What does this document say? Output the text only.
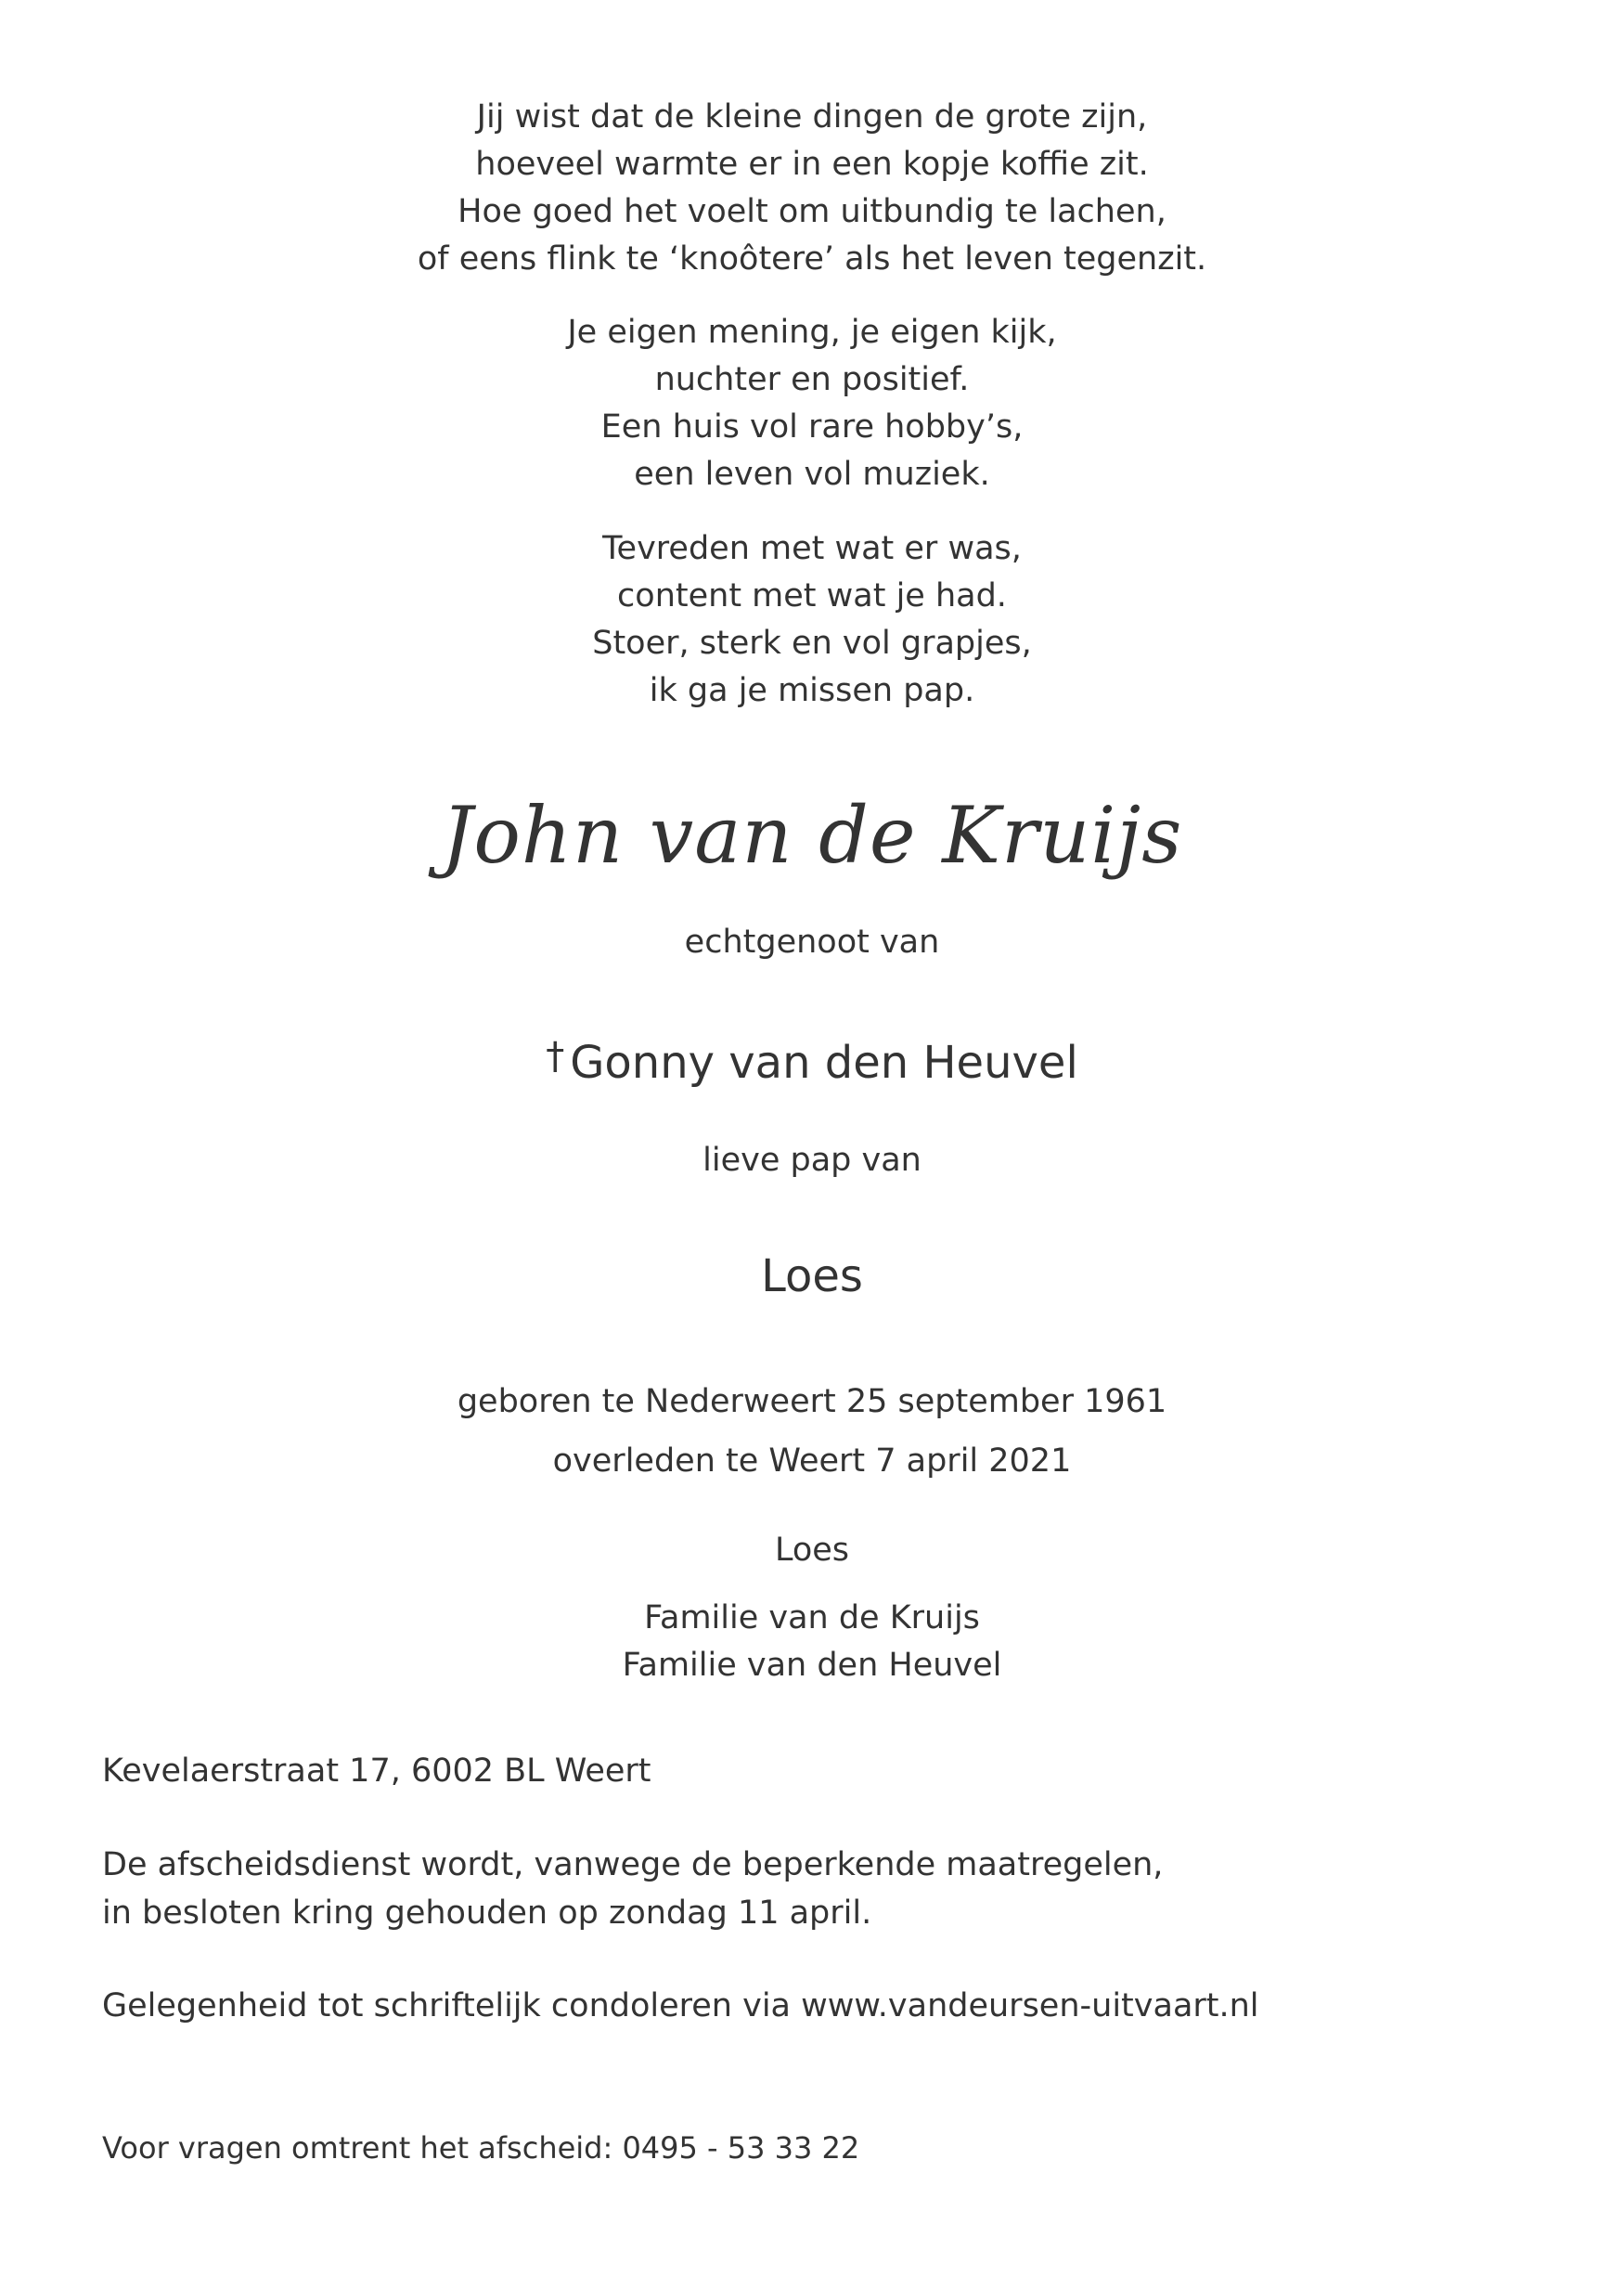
Jij wist dat de kleine dingen de grote zijn,

hoeveel warmte er in een kopje koffie zit.

Hoe goed het voelt om uitbundig te lachen,

of eens flink te ‘knoôtere’ als het leven tegenzit.

Je eigen mening, je eigen kijk,

nuchter en positief.

Een huis vol rare hobby’s,

een leven vol muziek.

Tevreden met wat er was,

content met wat je had.

Stoer, sterk en vol grapjes,

ik ga je missen pap.

John van de Kruijs
echtgenoot van
† Gonny van den Heuvel
lieve pap van
Loes
geboren te Nederweert 25 september 1961
overleden te Weert 7 april 2021
Loes
Familie van de Kruijs
Familie van den Heuvel
Kevelaerstraat 17, 6002 BL Weert

De afscheidsdienst wordt, vanwege de beperkende maatregelen,

in besloten kring gehouden op zondag 11 april.

Gelegenheid tot schriftelijk condoleren via www.vandeursen-uitvaart.nl
Voor vragen omtrent het afscheid: 0495 - 53 33 22
